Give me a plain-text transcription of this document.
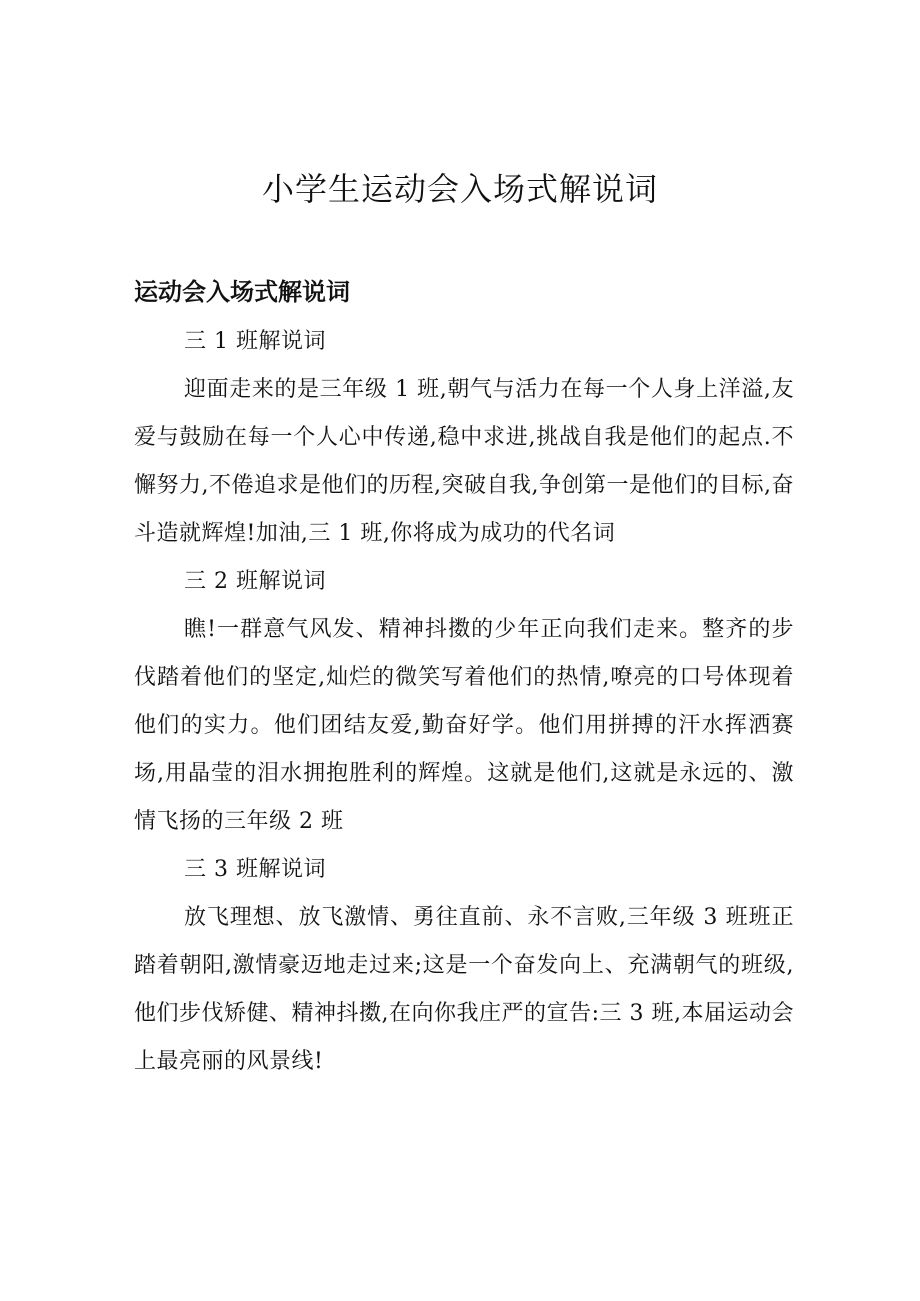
小学生运动会入场式解说词
运动会入场式解说词

三 1 班解说词

迎面走来的是三年级 1 班,朝气与活力在每一个人身上洋溢,友爱与鼓励在每一个人心中传递,稳中求进,挑战自我是他们的起点.不懈努力,不倦追求是他们的历程,突破自我,争创第一是他们的目标,奋斗造就辉煌!加油,三 1 班,你将成为成功的代名词

三 2 班解说词

瞧!一群意气风发、精神抖擞的少年正向我们走来。整齐的步伐踏着他们的坚定,灿烂的微笑写着他们的热情,嘹亮的口号体现着他们的实力。他们团结友爱,勤奋好学。他们用拼搏的汗水挥洒赛场,用晶莹的泪水拥抱胜利的辉煌。这就是他们,这就是永远的、激情飞扬的三年级 2 班

三 3 班解说词

放飞理想、放飞激情、勇往直前、永不言败,三年级 3 班班正踏着朝阳,激情豪迈地走过来;这是一个奋发向上、充满朝气的班级,他们步伐矫健、精神抖擞,在向你我庄严的宣告:三 3 班,本届运动会上最亮丽的风景线!
